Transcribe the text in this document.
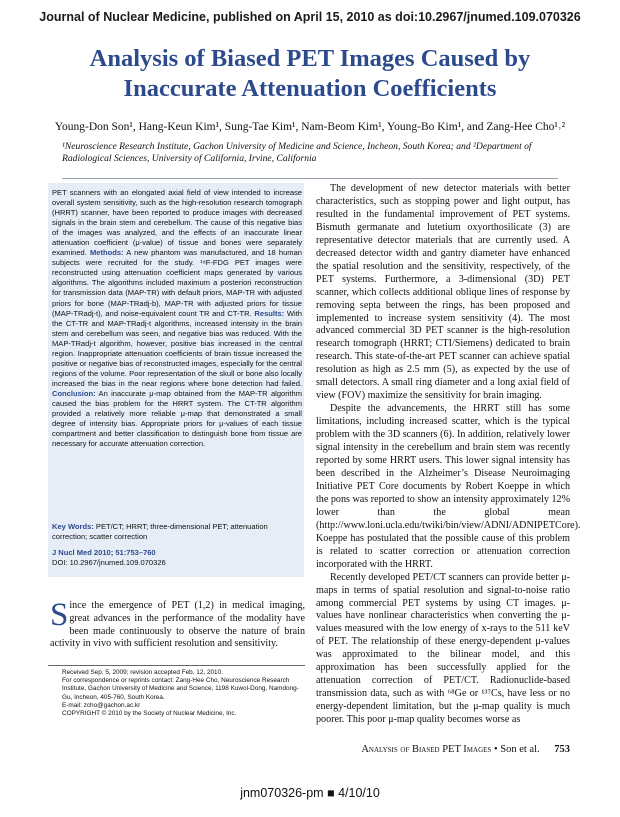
Journal of Nuclear Medicine, published on April 15, 2010 as doi:10.2967/jnumed.109.070326
Analysis of Biased PET Images Caused by Inaccurate Attenuation Coefficients
Young-Don Son¹, Hang-Keun Kim¹, Sung-Tae Kim¹, Nam-Beom Kim¹, Young-Bo Kim¹, and Zang-Hee Cho¹˒²
¹Neuroscience Research Institute, Gachon University of Medicine and Science, Incheon, South Korea; and ²Department of Radiological Sciences, University of California, Irvine, California
PET scanners with an elongated axial field of view intended to increase overall system sensitivity, such as the high-resolution research tomograph (HRRT) scanner, have been reported to produce images with decreased signals in the brain stem and cerebellum. The cause of this negative bias of the images was analyzed, and the effects of an inaccurate linear attenuation coefficient (μ-value) of tissue and bones were separately examined. Methods: A new phantom was manufactured, and 18 human subjects were recruited for the study. ¹⁸F-FDG PET images were reconstructed using attenuation coefficient maps generated by various algorithms. The algorithms included maximum a posteriori reconstruction for transmission data (MAP-TR) with default priors, MAP-TR with adjusted priors for bone (MAP-TRadj-b), MAP-TR with adjusted priors for tissue (MAP-TRadj-t), and noise-equivalent count TR and CT-TR. Results: With the CT-TR and MAP-TRadj-t algorithms, increased intensity in the brain stem and cerebellum was seen, and negative bias was reduced. With the MAP-TRadj-t algorithm, however, positive bias increased in the central region. Inappropriate attenuation coefficients of brain tissue increased the positive or negative bias of reconstructed images, especially for the central regions of the volume. Poor representation of the skull or bone also locally increased the bias in the near regions where bone detection had failed. Conclusion: An inaccurate μ-map obtained from the MAP-TR algorithm caused the bias problem for the HRRT system. The CT-TR algorithm provided a relatively more reliable μ-map that demonstrated a small degree of intensity bias. Appropriate priors for μ-values of each tissue compartment and better classification to distinguish bone from tissue are necessary for accurate attenuation correction.
Key Words: PET/CT; HRRT; three-dimensional PET; attenuation correction; scatter correction
J Nucl Med 2010; 51:753–760
DOI: 10.2967/jnumed.109.070326
Since the emergence of PET (1,2) in medical imaging, great advances in the performance of the modality have been made continuously to observe the nature of brain activity in vivo with sufficient resolution and sensitivity.
Received Sep. 5, 2009; revision accepted Feb. 12, 2010.
For correspondence or reprints contact: Zang-Hee Cho, Neuroscience Research Institute, Gachon University of Medicine and Science, 1198 Kuwol-Dong, Namdong-Gu, Incheon, 405-760, South Korea.
E-mail: zcho@gachon.ac.kr
COPYRIGHT © 2010 by the Society of Nuclear Medicine, Inc.

The development of new detector materials with better characteristics, such as stopping power and light output, has resulted in the fundamental improvement of PET systems. Bismuth germanate and lutetium oxyorthosilicate (3) are representative detector materials that are currently used. A decreased detector width and gantry diameter have enhanced the spatial resolution and the sensitivity, respectively, of the PET systems. Furthermore, a 3-dimensional (3D) PET scanner, which collects additional oblique lines of response by removing septa between the rings, has been proposed and implemented to increase system sensitivity (4). The most advanced commercial 3D PET scanner is the high-resolution research tomograph (HRRT; CTI/Siemens) dedicated to brain research. This state-of-the-art PET scanner can achieve spatial resolution as high as 2.5 mm (5), as expected by the use of small detectors. A small ring diameter and a long axial field of view (FOV) maximize the sensitivity for brain imaging.

Despite the advancements, the HRRT still has some limitations, including increased scatter, which is the typical problem with the 3D scanners (6). In addition, relatively lower signal intensity in the cerebellum and brain stem was recently reported by some HRRT users. This lower signal intensity has been described in the Alzheimer’s Disease Neuroimaging Initiative PET Core documents by Robert Koeppe in which the pons was reported to show an intensity approximately 12% lower than the global mean (http://www.loni.ucla.edu/twiki/bin/view/ADNI/ADNIPETCore). Koeppe has postulated that the possible cause of this problem is related to scatter correction or attenuation correction incorporated with the HRRT.

Recently developed PET/CT scanners can provide better μ-maps in terms of spatial resolution and signal-to-noise ratio among commercial PET systems by using CT images. μ-values have nonlinear characteristics when converting the μ-values measured with the low energy of x-rays to the 511 keV of PET. The relationship of these energy-dependent μ-values was approximated to the bilinear model, and this approximation has been successfully applied for the attenuation correction of PET/CT. Radionuclide-based transmission data, such as with ⁶⁸Ge or ¹³⁷Cs, have less or no energy-dependent limitation, but the μ-map quality is much poorer. This poor μ-map quality becomes worse as

Analysis of Biased PET Images • Son et al. 753
jnm070326-pm ■ 4/10/10
